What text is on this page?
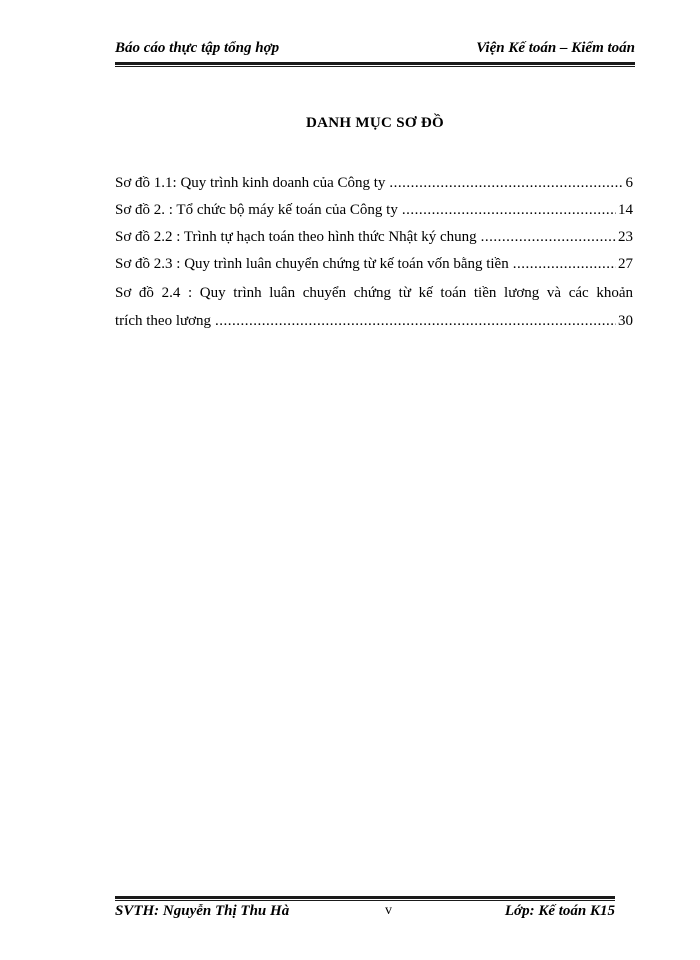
Báo cáo thực tập tổng hợp	Viện Kế toán – Kiểm toán
DANH MỤC SƠ ĐỒ
Sơ đồ 1.1: Quy trình kinh doanh của Công ty .....	6
Sơ đồ 2. : Tổ chức bộ máy kế toán của Công ty .....	14
Sơ đồ 2.2 : Trình tự hạch toán theo hình thức Nhật ký chung .....	23
Sơ đồ 2.3 : Quy trình luân chuyển chứng từ kế toán vốn bằng tiền .....	27
Sơ đồ 2.4 : Quy trình luân chuyển chứng từ kế toán tiền lương và các khoản
trích theo lương .....	30
SVTH: Nguyễn Thị Thu Hà	v	Lớp: Kế toán K15
